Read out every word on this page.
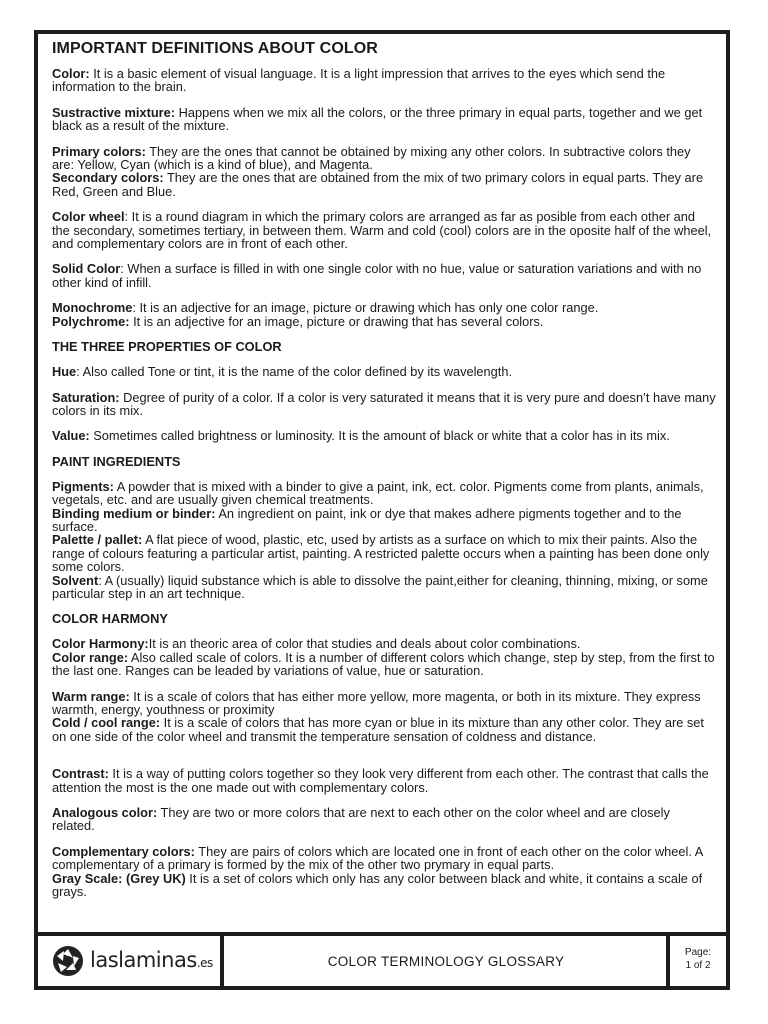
IMPORTANT DEFINITIONS ABOUT COLOR

Color: It is a basic element of visual language. It is a light impression that arrives to the eyes which send the information to the brain.

Sustractive mixture: Happens when we mix all the colors, or the three primary in equal parts, together and we get black as a result of the mixture.

Primary colors: They are the ones that cannot be obtained by mixing any other colors. In subtractive colors they are: Yellow, Cyan (which is a kind of blue), and Magenta.

Secondary colors: They are the ones that are obtained from the mix of two primary colors in equal parts. They are Red, Green and Blue.

Color wheel: It is a round diagram in which the primary colors are arranged as far as posible from each other and the secondary, sometimes tertiary, in between them. Warm and cold (cool) colors are in the oposite half of the wheel, and complementary colors are in front of each other.

Solid Color: When a surface is filled in with one single color with no hue, value or saturation variations and with no other kind of infill.

Monochrome: It is an adjective for an image, picture or drawing which has only one color range.

Polychrome: It is an adjective for an image, picture or drawing that has several colors.

THE THREE PROPERTIES OF COLOR

Hue: Also called Tone or tint, it is the name of the color defined by its wavelength.

Saturation: Degree of purity of a color. If a color is very saturated it means that it is very pure and doesn’t have many colors in its mix.

Value: Sometimes called brightness or luminosity. It is the amount of black or white that a color has in its mix.

PAINT INGREDIENTS

Pigments: A powder that is mixed with a binder to give a paint, ink, ect. color. Pigments come from plants, animals, vegetals, etc. and are usually given chemical treatments.

Binding medium or binder: An ingredient on paint, ink or dye that makes adhere pigments together and to the surface.

Palette / pallet: A flat piece of wood, plastic, etc, used by artists as a surface on which to mix their paints. Also the range of colours featuring a particular artist, painting. A restricted palette occurs when a painting has been done only some colors.

Solvent: A (usually) liquid substance which is able to dissolve the paint,either for cleaning, thinning, mixing, or some particular step in an art technique.

COLOR HARMONY

Color Harmony:It is an theoric area of color that studies and deals about color combinations.

Color range: Also called scale of colors. It is a number of different colors which change, step by step, from the first to the last one. Ranges can be leaded by variations of value, hue or saturation.

Warm range: It is a scale of colors that has either more yellow, more magenta, or both in its mixture. They express warmth, energy, youthness or proximity

Cold / cool range: It is a scale of colors that has more cyan or blue in its mixture than any other color. They are set on one side of the color wheel and transmit the temperature sensation of coldness and distance.

Contrast: It is a way of putting colors together so they look very different from each other. The contrast that calls the attention the most is the one made out with complementary colors.

Analogous color: They are two or more colors that are next to each other on the color wheel and are closely related.

Complementary colors: They are pairs of colors which are located one in front of each other on the color wheel. A complementary of a primary is formed by the mix of the other two prymary in equal parts.

Gray Scale: (Grey UK) It is a set of colors which only has any color between black and white, it contains a scale of grays.

laslaminas.es	COLOR TERMINOLOGY GLOSSARY
Page:
1 of 2
